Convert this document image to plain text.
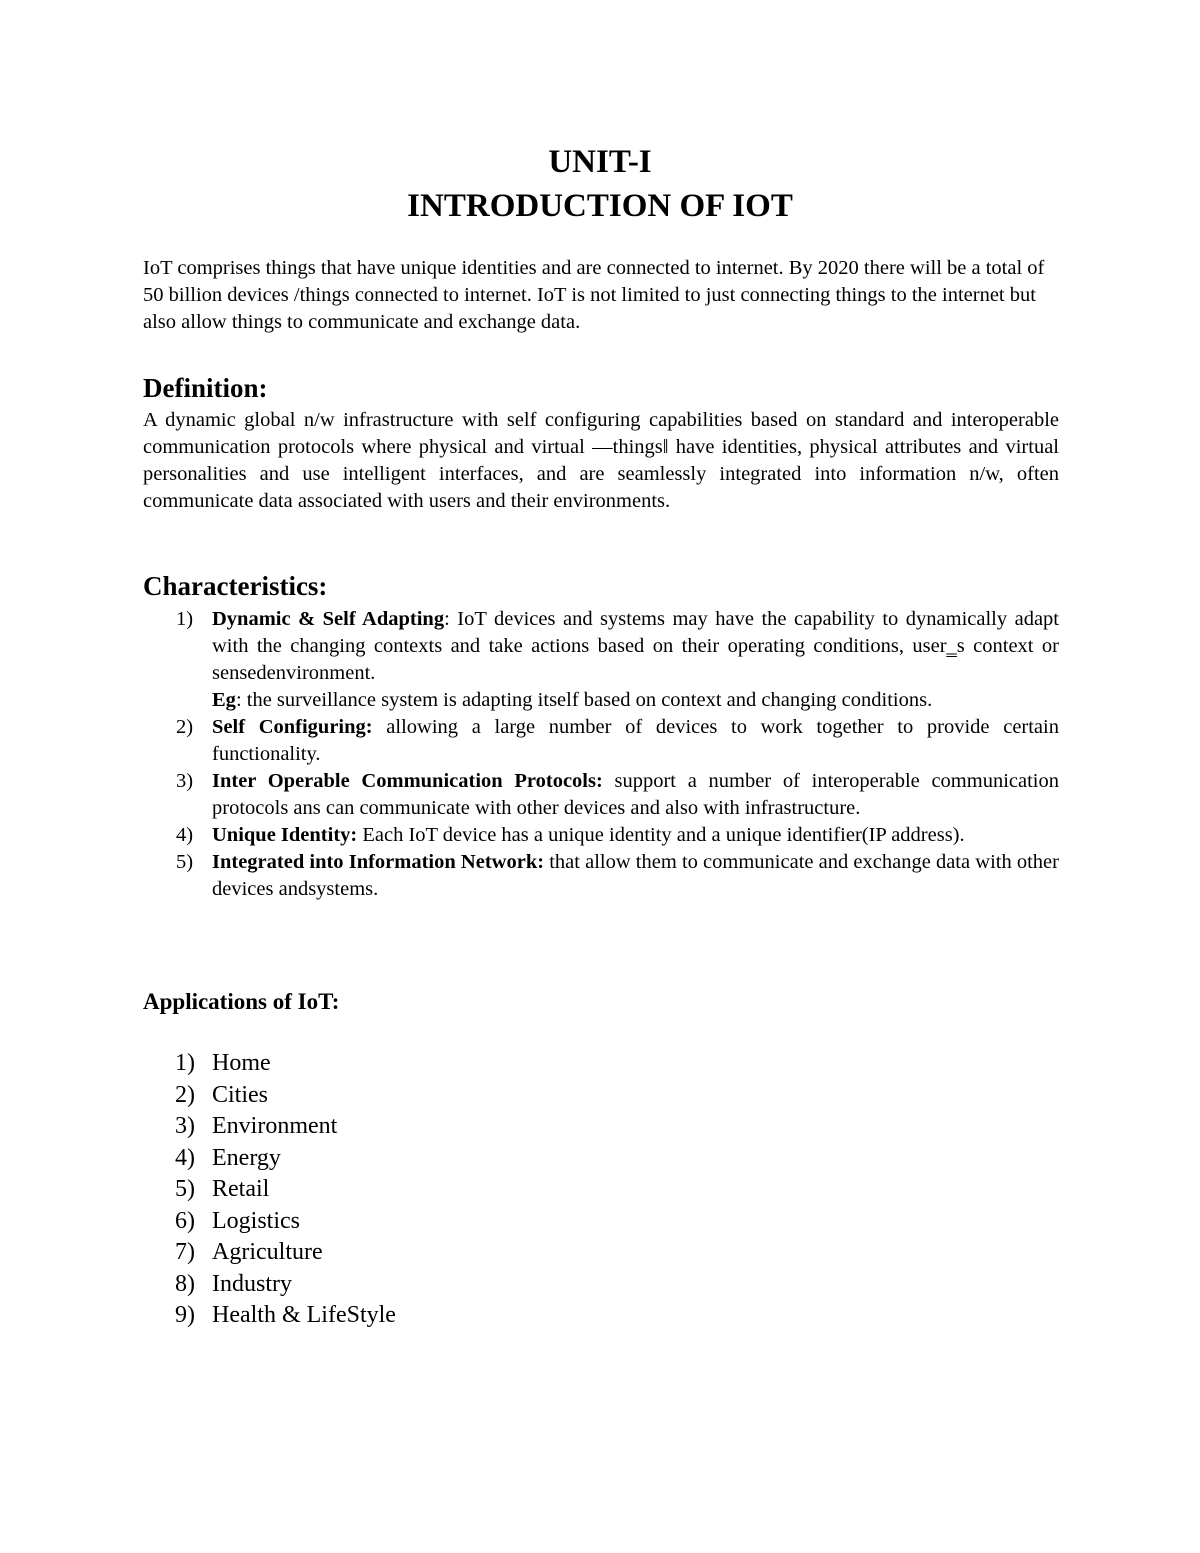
UNIT-I
INTRODUCTION OF IOT
IoT comprises things that have unique identities and are connected to internet. By 2020 there will be a total of 50 billion devices /things connected to internet. IoT is not limited to just connecting things to the internet but also allow things to communicate and exchange data.
Definition:
A dynamic global n/w infrastructure with self configuring capabilities based on standard and interoperable communication protocols where physical and virtual ―things‖ have identities, physical attributes and virtual personalities and use intelligent interfaces, and are seamlessly integrated into information n/w, often communicate data associated with users and their environments.
Characteristics:
1) Dynamic & Self Adapting: IoT devices and systems may have the capability to dynamically adapt with the changing contexts and take actions based on their operating conditions, user‗s context or sensedenvironment.
Eg: the surveillance system is adapting itself based on context and changing conditions.
2) Self Configuring: allowing a large number of devices to work together to provide certain functionality.
3) Inter Operable Communication Protocols: support a number of interoperable communication protocols ans can communicate with other devices and also with infrastructure.
4) Unique Identity: Each IoT device has a unique identity and a unique identifier(IP address).
5) Integrated into Information Network: that allow them to communicate and exchange data with other devices andsystems.
Applications of IoT:
1) Home
2) Cities
3) Environment
4) Energy
5) Retail
6) Logistics
7) Agriculture
8) Industry
9) Health & LifeStyle
